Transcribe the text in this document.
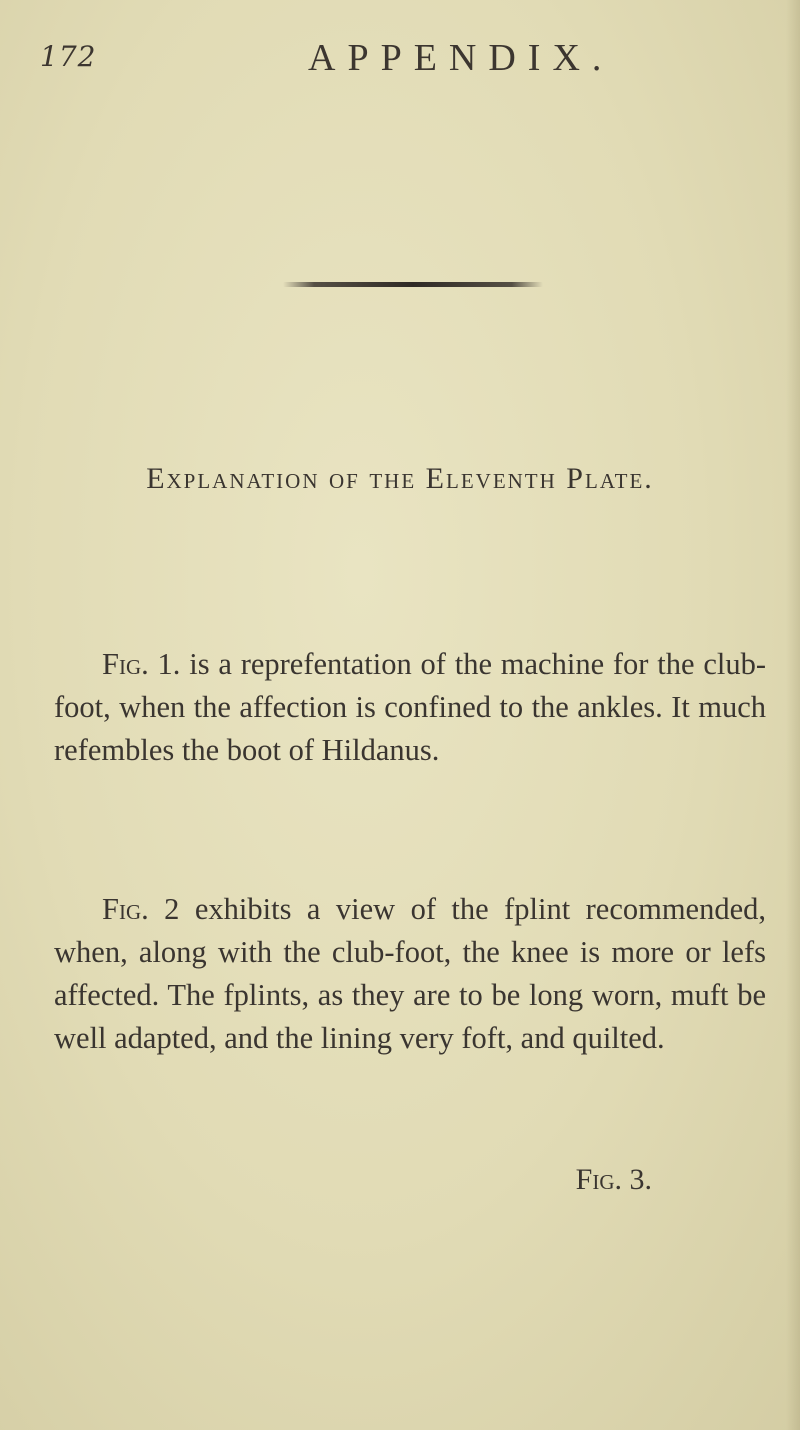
172	APPENDIX.
Explanation of the Eleventh Plate.

Fig. 1. is a reprefentation of the machine for the club-foot, when the affection is confined to the ankles. It much refembles the boot of Hildanus.

Fig. 2 exhibits a view of the fplint recommended, when, along with the club-foot, the knee is more or lefs affected. The fplints, as they are to be long worn, muft be well adapted, and the lining very foft, and quilted.

Fig. 3.
